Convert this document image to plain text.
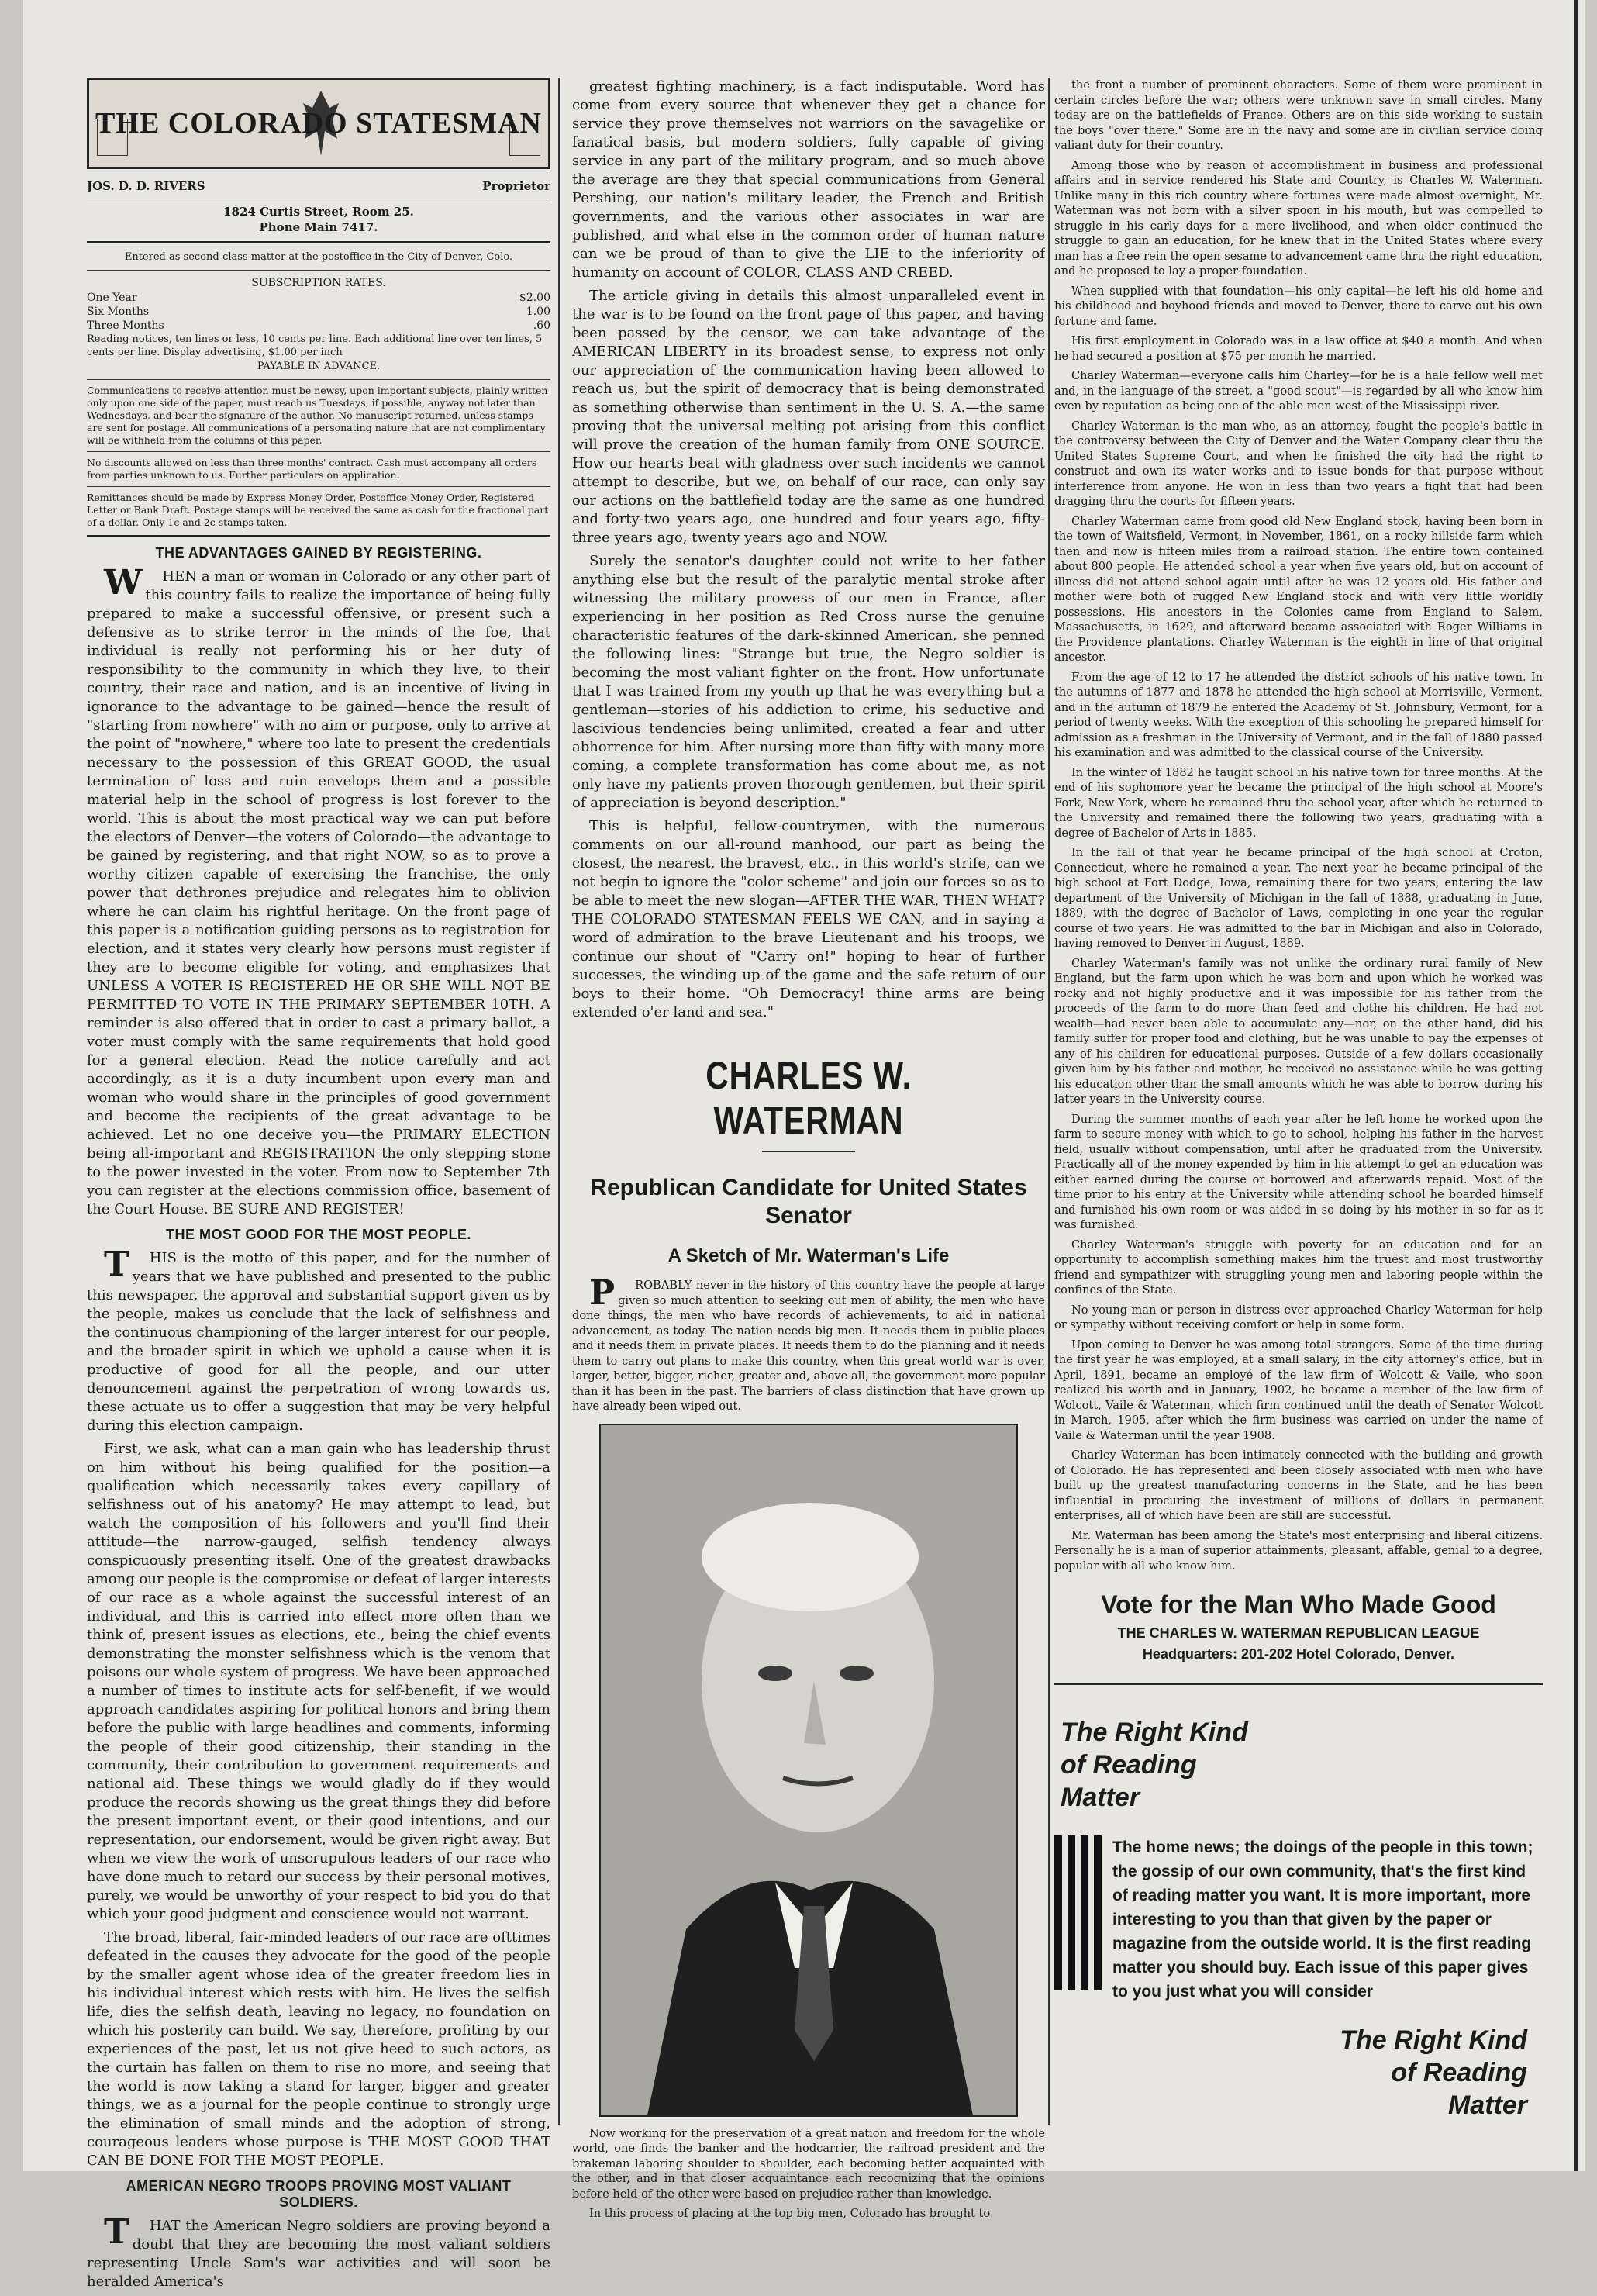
THE COLORADO STATESMAN
JOS. D. D. RIVERS	Proprietor
1824 Curtis Street, Room 25.
Phone Main 7417.
Entered as second-class matter at the postoffice in the City of Denver, Colo.
SUBSCRIPTION RATES.
One Year	$2.00
Six Months	1.00
Three Months	.60
Reading notices, ten lines or less, 10 cents per line. Each additional line over ten lines, 5 cents per line. Display advertising, $1.00 per inch
PAYABLE IN ADVANCE.
Communications to receive attention must be newsy, upon important subjects, plainly written only upon one side of the paper, must reach us Tuesdays, if possible, anyway not later than Wednesdays, and bear the signature of the author. No manuscript returned, unless stamps are sent for postage. All communications of a personating nature that are not complimentary will be withheld from the columns of this paper.
No discounts allowed on less than three months' contract. Cash must accompany all orders from parties unknown to us. Further particulars on application.
Remittances should be made by Express Money Order, Postoffice Money Order, Registered Letter or Bank Draft. Postage stamps will be received the same as cash for the fractional part of a dollar. Only 1c and 2c stamps taken.
THE ADVANTAGES GAINED BY REGISTERING.

WHEN a man or woman in Colorado or any other part of this country fails to realize the importance of being fully prepared to make a successful offensive, or present such a defensive as to strike terror in the minds of the foe, that individual is really not performing his or her duty of responsibility to the community in which they live, to their country, their race and nation, and is an incentive of living in ignorance to the advantage to be gained—hence the result of "starting from nowhere" with no aim or purpose, only to arrive at the point of "nowhere," where too late to present the credentials necessary to the possession of this GREAT GOOD, the usual termination of loss and ruin envelops them and a possible material help in the school of progress is lost forever to the world. This is about the most practical way we can put before the electors of Denver—the voters of Colorado—the advantage to be gained by registering, and that right NOW, so as to prove a worthy citizen capable of exercising the franchise, the only power that dethrones prejudice and relegates him to oblivion where he can claim his rightful heritage. On the front page of this paper is a notification guiding persons as to registration for election, and it states very clearly how persons must register if they are to become eligible for voting, and emphasizes that UNLESS A VOTER IS REGISTERED HE OR SHE WILL NOT BE PERMITTED TO VOTE IN THE PRIMARY SEPTEMBER 10TH. A reminder is also offered that in order to cast a primary ballot, a voter must comply with the same requirements that hold good for a general election. Read the notice carefully and act accordingly, as it is a duty incumbent upon every man and woman who would share in the principles of good government and become the recipients of the great advantage to be achieved. Let no one deceive you—the PRIMARY ELECTION being all-important and REGISTRATION the only stepping stone to the power invested in the voter. From now to September 7th you can register at the elections commission office, basement of the Court House. BE SURE AND REGISTER!

THE MOST GOOD FOR THE MOST PEOPLE.

THIS is the motto of this paper, and for the number of years that we have published and presented to the public this newspaper, the approval and substantial support given us by the people, makes us conclude that the lack of selfishness and the continuous championing of the larger interest for our people, and the broader spirit in which we uphold a cause when it is productive of good for all the people, and our utter denouncement against the perpetration of wrong towards us, these actuate us to offer a suggestion that may be very helpful during this election campaign.

First, we ask, what can a man gain who has leadership thrust on him without his being qualified for the position—a qualification which necessarily takes every capillary of selfishness out of his anatomy? He may attempt to lead, but watch the composition of his followers and you'll find their attitude—the narrow-gauged, selfish tendency always conspicuously presenting itself. One of the greatest drawbacks among our people is the compromise or defeat of larger interests of our race as a whole against the successful interest of an individual, and this is carried into effect more often than we think of, present issues as elections, etc., being the chief events demonstrating the monster selfishness which is the venom that poisons our whole system of progress. We have been approached a number of times to institute acts for self-benefit, if we would approach candidates aspiring for political honors and bring them before the public with large headlines and comments, informing the people of their good citizenship, their standing in the community, their contribution to government requirements and national aid. These things we would gladly do if they would produce the records showing us the great things they did before the present important event, or their good intentions, and our representation, our endorsement, would be given right away. But when we view the work of unscrupulous leaders of our race who have done much to retard our success by their personal motives, purely, we would be unworthy of your respect to bid you do that which your good judgment and conscience would not warrant.

The broad, liberal, fair-minded leaders of our race are ofttimes defeated in the causes they advocate for the good of the people by the smaller agent whose idea of the greater freedom lies in his individual interest which rests with him. He lives the selfish life, dies the selfish death, leaving no legacy, no foundation on which his posterity can build. We say, therefore, profiting by our experiences of the past, let us not give heed to such actors, as the curtain has fallen on them to rise no more, and seeing that the world is now taking a stand for larger, bigger and greater things, we as a journal for the people continue to strongly urge the elimination of small minds and the adoption of strong, courageous leaders whose purpose is THE MOST GOOD THAT CAN BE DONE FOR THE MOST PEOPLE.

AMERICAN NEGRO TROOPS PROVING MOST VALIANT SOLDIERS.

THAT the American Negro soldiers are proving beyond a doubt that they are becoming the most valiant soldiers representing Uncle Sam's war activities and will soon be heralded America's

greatest fighting machinery, is a fact indisputable. Word has come from every source that whenever they get a chance for service they prove themselves not warriors on the savagelike or fanatical basis, but modern soldiers, fully capable of giving service in any part of the military program, and so much above the average are they that special communications from General Pershing, our nation's military leader, the French and British governments, and the various other associates in war are published, and what else in the common order of human nature can we be proud of than to give the LIE to the inferiority of humanity on account of COLOR, CLASS AND CREED.

The article giving in details this almost unparalleled event in the war is to be found on the front page of this paper, and having been passed by the censor, we can take advantage of the AMERICAN LIBERTY in its broadest sense, to express not only our appreciation of the communication having been allowed to reach us, but the spirit of democracy that is being demonstrated as something otherwise than sentiment in the U. S. A.—the same proving that the universal melting pot arising from this conflict will prove the creation of the human family from ONE SOURCE. How our hearts beat with gladness over such incidents we cannot attempt to describe, but we, on behalf of our race, can only say our actions on the battlefield today are the same as one hundred and forty-two years ago, one hundred and four years ago, fifty-three years ago, twenty years ago and NOW.

Surely the senator's daughter could not write to her father anything else but the result of the paralytic mental stroke after witnessing the military prowess of our men in France, after experiencing in her position as Red Cross nurse the genuine characteristic features of the dark-skinned American, she penned the following lines: "Strange but true, the Negro soldier is becoming the most valiant fighter on the front. How unfortunate that I was trained from my youth up that he was everything but a gentleman—stories of his addiction to crime, his seductive and lascivious tendencies being unlimited, created a fear and utter abhorrence for him. After nursing more than fifty with many more coming, a complete transformation has come about me, as not only have my patients proven thorough gentlemen, but their spirit of appreciation is beyond description."

This is helpful, fellow-countrymen, with the numerous comments on our all-round manhood, our part as being the closest, the nearest, the bravest, etc., in this world's strife, can we not begin to ignore the "color scheme" and join our forces so as to be able to meet the new slogan—AFTER THE WAR, THEN WHAT? THE COLORADO STATESMAN FEELS WE CAN, and in saying a word of admiration to the brave Lieutenant and his troops, we continue our shout of "Carry on!" hoping to hear of further successes, the winding up of the game and the safe return of our boys to their home. "Oh Democracy! thine arms are being extended o'er land and sea."

CHARLES W. WATERMAN
Republican Candidate for United States Senator
A Sketch of Mr. Waterman's Life

PROBABLY never in the history of this country have the people at large given so much attention to seeking out men of ability, the men who have done things, the men who have records of achievements, to aid in national advancement, as today. The nation needs big men. It needs them in public places and it needs them in private places. It needs them to do the planning and it needs them to carry out plans to make this country, when this great world war is over, larger, better, bigger, richer, greater and, above all, the government more popular than it has been in the past. The barriers of class distinction that have grown up have already been wiped out.

Now working for the preservation of a great nation and freedom for the whole world, one finds the banker and the hodcarrier, the railroad president and the brakeman laboring shoulder to shoulder, each becoming better acquainted with the other, and in that closer acquaintance each recognizing that the opinions before held of the other were based on prejudice rather than knowledge.

In this process of placing at the top big men, Colorado has brought to

the front a number of prominent characters. Some of them were prominent in certain circles before the war; others were unknown save in small circles. Many today are on the battlefields of France. Others are on this side working to sustain the boys "over there." Some are in the navy and some are in civilian service doing valiant duty for their country.

Among those who by reason of accomplishment in business and professional affairs and in service rendered his State and Country, is Charles W. Waterman. Unlike many in this rich country where fortunes were made almost overnight, Mr. Waterman was not born with a silver spoon in his mouth, but was compelled to struggle in his early days for a mere livelihood, and when older continued the struggle to gain an education, for he knew that in the United States where every man has a free rein the open sesame to advancement came thru the right education, and he proposed to lay a proper foundation.

When supplied with that foundation—his only capital—he left his old home and his childhood and boyhood friends and moved to Denver, there to carve out his own fortune and fame.

His first employment in Colorado was in a law office at $40 a month. And when he had secured a position at $75 per month he married.

Charley Waterman—everyone calls him Charley—for he is a hale fellow well met and, in the language of the street, a "good scout"—is regarded by all who know him even by reputation as being one of the able men west of the Mississippi river.

Charley Waterman is the man who, as an attorney, fought the people's battle in the controversy between the City of Denver and the Water Company clear thru the United States Supreme Court, and when he finished the city had the right to construct and own its water works and to issue bonds for that purpose without interference from anyone. He won in less than two years a fight that had been dragging thru the courts for fifteen years.

Charley Waterman came from good old New England stock, having been born in the town of Waitsfield, Vermont, in November, 1861, on a rocky hillside farm which then and now is fifteen miles from a railroad station. The entire town contained about 800 people. He attended school a year when five years old, but on account of illness did not attend school again until after he was 12 years old. His father and mother were both of rugged New England stock and with very little worldly possessions. His ancestors in the Colonies came from England to Salem, Massachusetts, in 1629, and afterward became associated with Roger Williams in the Providence plantations. Charley Waterman is the eighth in line of that original ancestor.

From the age of 12 to 17 he attended the district schools of his native town. In the autumns of 1877 and 1878 he attended the high school at Morrisville, Vermont, and in the autumn of 1879 he entered the Academy of St. Johnsbury, Vermont, for a period of twenty weeks. With the exception of this schooling he prepared himself for admission as a freshman in the University of Vermont, and in the fall of 1880 passed his examination and was admitted to the classical course of the University.

In the winter of 1882 he taught school in his native town for three months. At the end of his sophomore year he became the principal of the high school at Moore's Fork, New York, where he remained thru the school year, after which he returned to the University and remained there the following two years, graduating with a degree of Bachelor of Arts in 1885.

In the fall of that year he became principal of the high school at Croton, Connecticut, where he remained a year. The next year he became principal of the high school at Fort Dodge, Iowa, remaining there for two years, entering the law department of the University of Michigan in the fall of 1888, graduating in June, 1889, with the degree of Bachelor of Laws, completing in one year the regular course of two years. He was admitted to the bar in Michigan and also in Colorado, having removed to Denver in August, 1889.

Charley Waterman's family was not unlike the ordinary rural family of New England, but the farm upon which he was born and upon which he worked was rocky and not highly productive and it was impossible for his father from the proceeds of the farm to do more than feed and clothe his children. He had not wealth—had never been able to accumulate any—nor, on the other hand, did his family suffer for proper food and clothing, but he was unable to pay the expenses of any of his children for educational purposes. Outside of a few dollars occasionally given him by his father and mother, he received no assistance while he was getting his education other than the small amounts which he was able to borrow during his latter years in the University course.

During the summer months of each year after he left home he worked upon the farm to secure money with which to go to school, helping his father in the harvest field, usually without compensation, until after he graduated from the University. Practically all of the money expended by him in his attempt to get an education was either earned during the course or borrowed and afterwards repaid. Most of the time prior to his entry at the University while attending school he boarded himself and furnished his own room or was aided in so doing by his mother in so far as it was furnished.

Charley Waterman's struggle with poverty for an education and for an opportunity to accomplish something makes him the truest and most trustworthy friend and sympathizer with struggling young men and laboring people within the confines of the State.

No young man or person in distress ever approached Charley Waterman for help or sympathy without receiving comfort or help in some form.

Upon coming to Denver he was among total strangers. Some of the time during the first year he was employed, at a small salary, in the city attorney's office, but in April, 1891, became an employé of the law firm of Wolcott & Vaile, who soon realized his worth and in January, 1902, he became a member of the law firm of Wolcott, Vaile & Waterman, which firm continued until the death of Senator Wolcott in March, 1905, after which the firm business was carried on under the name of Vaile & Waterman until the year 1908.

Charley Waterman has been intimately connected with the building and growth of Colorado. He has represented and been closely associated with men who have built up the greatest manufacturing concerns in the State, and he has been influential in procuring the investment of millions of dollars in permanent enterprises, all of which have been are still are successful.

Mr. Waterman has been among the State's most enterprising and liberal citizens. Personally he is a man of superior attainments, pleasant, affable, genial to a degree, popular with all who know him.

Vote for the Man Who Made Good
THE CHARLES W. WATERMAN REPUBLICAN LEAGUE
Headquarters: 201-202 Hotel Colorado, Denver.
The Right Kind of Reading Matter
The home news; the doings of the people in this town; the gossip of our own community, that's the first kind of reading matter you want. It is more important, more interesting to you than that given by the paper or magazine from the outside world. It is the first reading matter you should buy. Each issue of this paper gives to you just what you will consider
The Right Kind of Reading Matter
